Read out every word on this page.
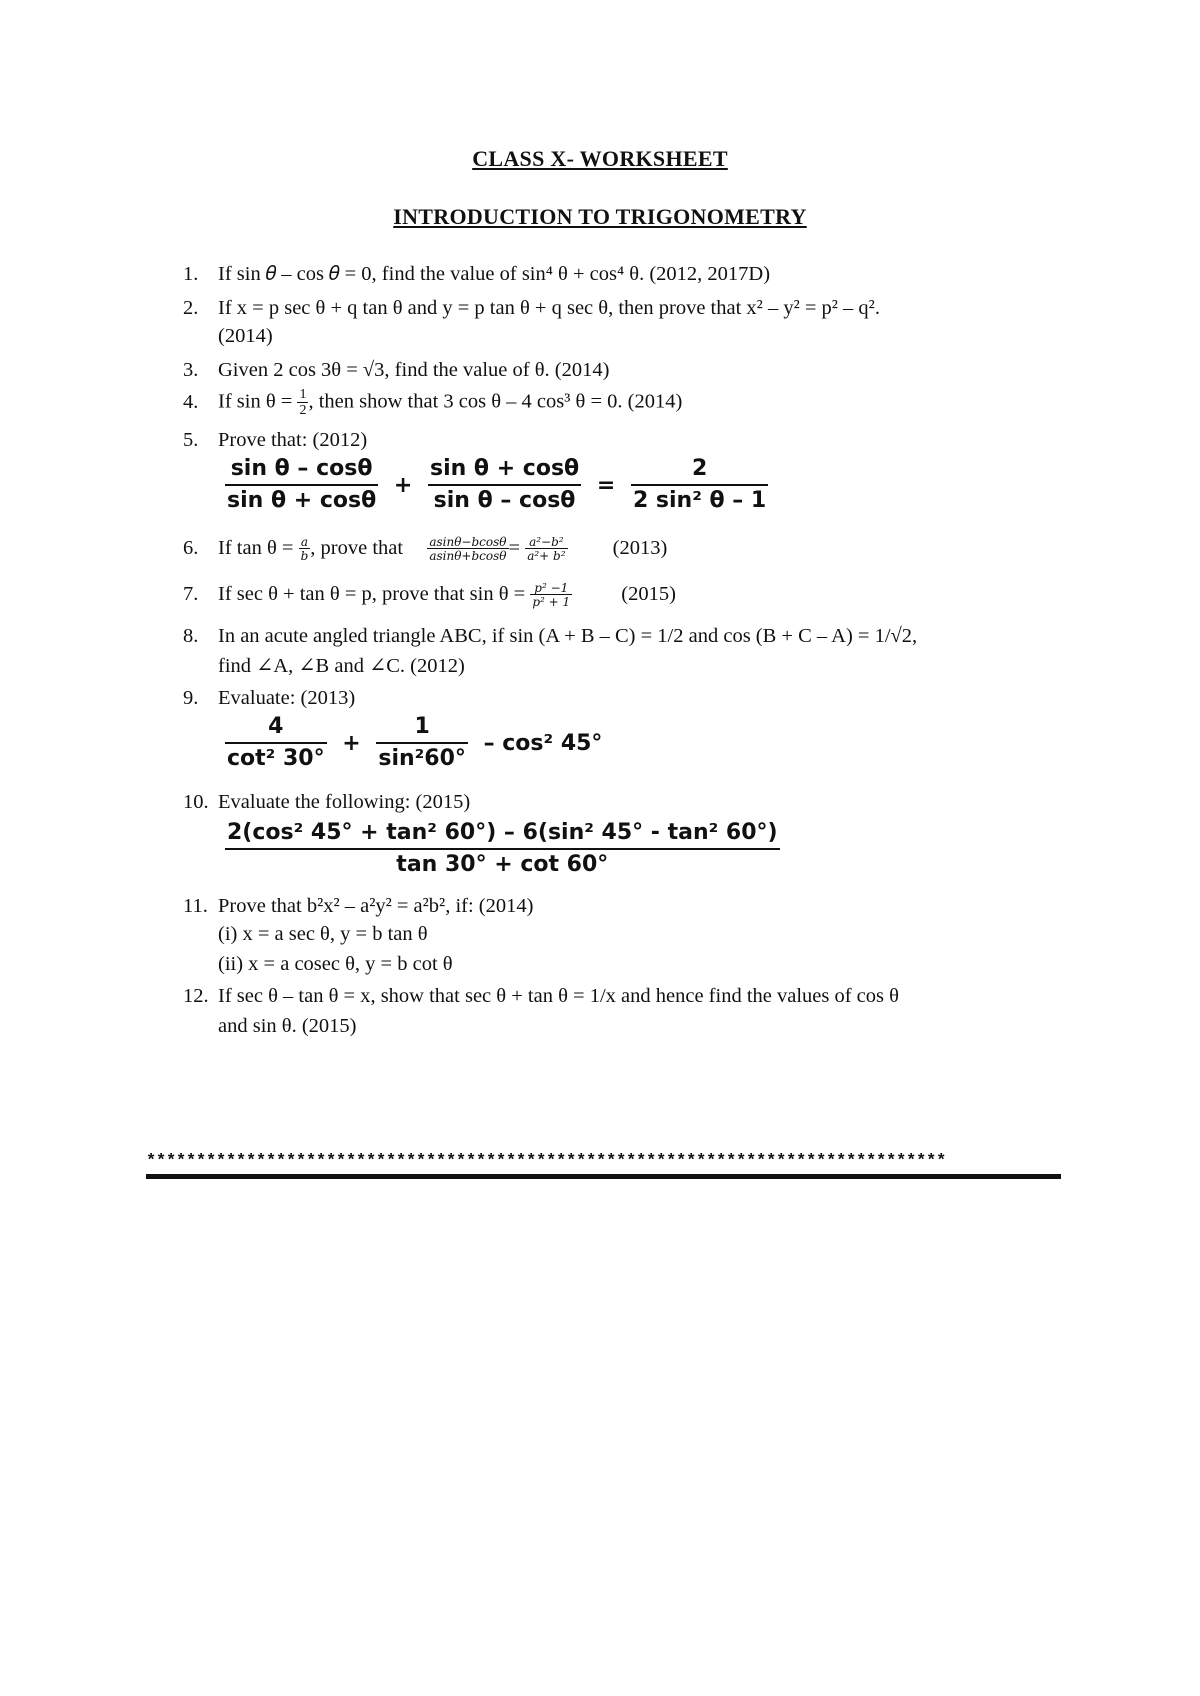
CLASS X- WORKSHEET
INTRODUCTION TO TRIGONOMETRY
1. If sin 𝜃 – cos 𝜃 = 0, find the value of sin⁴ θ + cos⁴ θ. (2012, 2017D)
2. If x = p sec θ + q tan θ and y = p tan θ + q sec θ, then prove that x² – y² = p² – q².
(2014)
3. Given 2 cos 3θ = √3, find the value of θ. (2014)
4. If $\sin \theta = \frac{1}{2}$ , then show that 3 cos θ – 4 cos³ θ = 0. (2014)
5. Prove that: (2012)
$\frac{\text{sin θ – cosθ}}{\text{sin θ + cosθ}} + \frac{\text{sin θ + cosθ}}{\text{sin θ – cosθ}} = \frac{2}{\text{2 sin² θ – 1}}$
6. If $\tan \theta = \frac{a}{b}$ , prove that $\frac{asin\theta-bcos\theta}{asin\theta+bcos\theta} = \frac{\text{a²−b²}}{\text{a²+ b²}} (2013)$
7. If sec θ + tan θ = p, prove that $\sin \theta = \frac{\text{p² −1}}{\text{p² + 1}} (2015)$
8. In an acute angled triangle ABC, if sin (A + B – C) = 1/2 and cos (B + C – A) = 1/√2,
find ∠A, ∠B and ∠C. (2012)
9. Evaluate: (2013)
$\frac{4}{\text{cot² 30°}} + \frac{1}{\text{sin²60°}} - \cos^2$ 45°
10. Evaluate the following: (2015)
$\frac{\text{2(cos² 45° + tan² 60°) – 6(sin² 45° - tan² 60°)}}{\tan 30^\circ + \cot 60^\circ}$
11. Prove that b²x² – a²y² = a²b², if: (2014)
(i) x = a sec θ, y = b tan θ
(ii) x = a cosec θ, y = b cot θ
12. If sec θ – tan θ = x, show that sec θ + tan θ = 1/x and hence find the values of cos θ
and sin θ. (2015)
********************************************************************************
